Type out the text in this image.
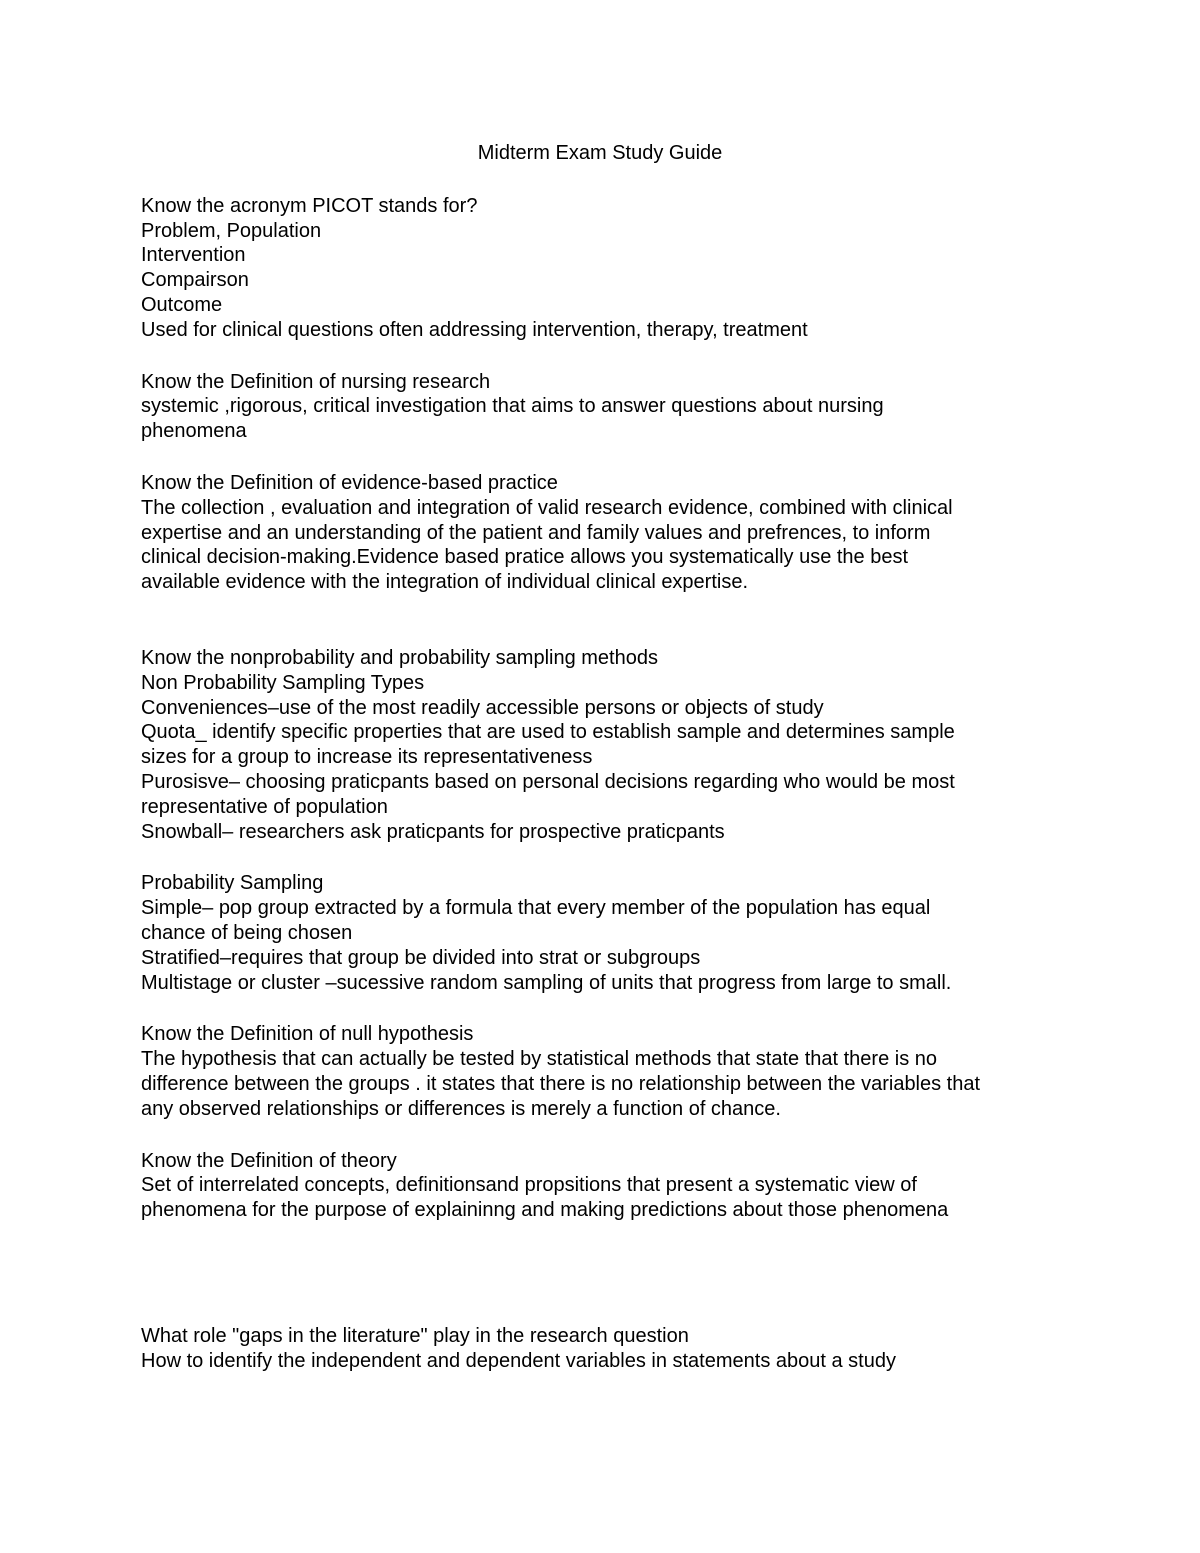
Midterm Exam Study Guide
Know the acronym PICOT stands for?
Problem, Population
Intervention
Compairson
Outcome
Used for clinical questions often addressing intervention, therapy, treatment
Know the Definition of nursing research
systemic ,rigorous, critical investigation that aims to answer questions about nursing
phenomena
Know the Definition of evidence-based practice
The collection , evaluation and integration of valid research evidence, combined with clinical
expertise and an understanding of the patient and family values and prefrences, to inform
clinical decision-making.Evidence based pratice allows you systematically use the best
available evidence with the integration of individual clinical expertise.
Know the nonprobability and probability sampling methods
Non Probability Sampling Types
Conveniences–use of the most readily accessible persons or objects of study
Quota_ identify specific properties that are used to establish sample and determines sample
sizes for a group to increase its representativeness
Purosisve– choosing praticpants based on personal decisions regarding who would be most
representative of population
Snowball– researchers ask praticpants for prospective praticpants
Probability Sampling
Simple– pop group extracted by a formula that every member of the population has equal
chance of being chosen
Stratified–requires that group be divided into strat or subgroups
Multistage or cluster –sucessive random sampling of units that progress from large to small.
Know the Definition of null hypothesis
The hypothesis that can actually be tested by statistical methods that state that there is no
difference between the groups . it states that there is no relationship between the variables that
any observed relationships or differences is merely a function of chance.
Know the Definition of theory
Set of interrelated concepts, definitionsand propsitions that present a systematic view of
phenomena for the purpose of explaininng and making predictions about those phenomena
What role "gaps in the literature" play in the research question
How to identify the independent and dependent variables in statements about a study
